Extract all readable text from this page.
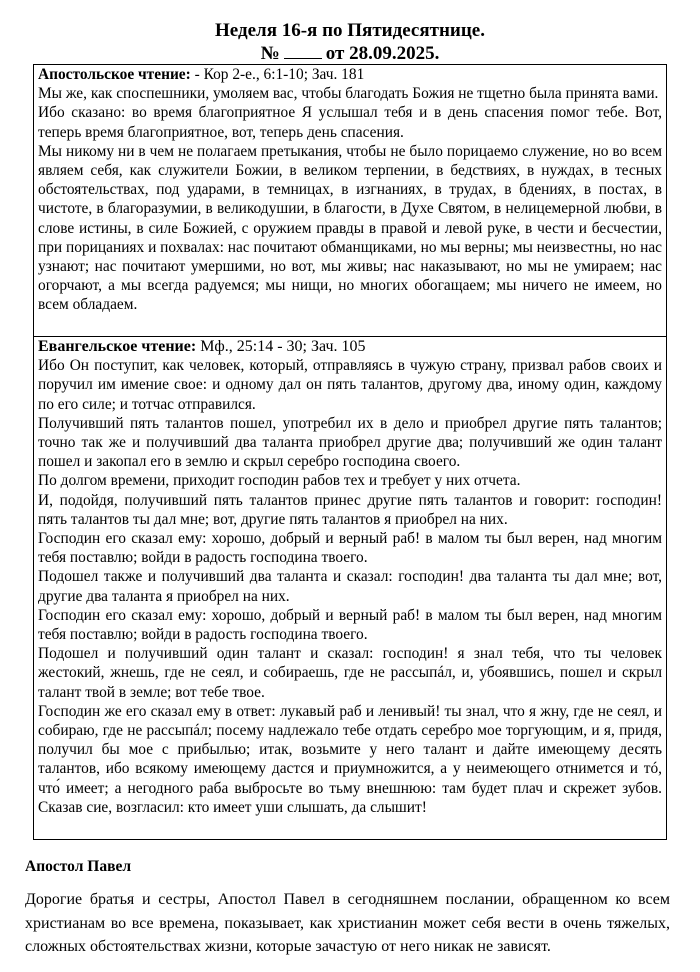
Неделя 16-я по Пятидесятнице.
№ от 28.09.2025.

Апостольское чтение: - Кор 2-е., 6:1-10; Зач. 181

Мы же, как споспешники, умоляем вас, чтобы благодать Божия не тщетно была принята вами.

Ибо сказано: во время благоприятное Я услышал тебя и в день спасения помог тебе. Вот, теперь время благоприятное, вот, теперь день спасения.

Мы никому ни в чем не полагаем претыкания, чтобы не было порицаемо служение, но во всем являем себя, как служители Божии, в великом терпении, в бедствиях, в нуждах, в тесных обстоятельствах, под ударами, в темницах, в изгнаниях, в трудах, в бдениях, в постах, в чистоте, в благоразумии, в великодушии, в благости, в Духе Святом, в нелицемерной любви, в слове истины, в силе Божией, с оружием правды в правой и левой руке, в чести и бесчестии, при порицаниях и похвалах: нас почитают обманщиками, но мы верны; мы неизвестны, но нас узнают; нас почитают умершими, но вот, мы живы; нас наказывают, но мы не умираем; нас огорчают, а мы всегда радуемся; мы нищи, но многих обогащаем; мы ничего не имеем, но всем обладаем.

Евангельское чтение: Мф., 25:14 - 30; Зач. 105

Ибо Он поступит, как человек, который, отправляясь в чужую страну, призвал рабов своих и поручил им имение свое: и одному дал он пять талантов, другому два, иному один, каждому по его силе; и тотчас отправился.

Получивший пять талантов пошел, употребил их в дело и приобрел другие пять талантов; точно так же и получивший два таланта приобрел другие два; получивший же один талант пошел и закопал его в землю и скрыл серебро господина своего.

По долгом времени, приходит господин рабов тех и требует у них отчета.

И, подойдя, получивший пять талантов принес другие пять талантов и говорит: господин! пять талантов ты дал мне; вот, другие пять талантов я приобрел на них.

Господин его сказал ему: хорошо, добрый и верный раб! в малом ты был верен, над многим тебя поставлю; войди в радость господина твоего.

Подошел также и получивший два таланта и сказал: господин! два таланта ты дал мне; вот, другие два таланта я приобрел на них.

Господин его сказал ему: хорошо, добрый и верный раб! в малом ты был верен, над многим тебя поставлю; войди в радость господина твоего.

Подошел и получивший один талант и сказал: господин! я знал тебя, что ты человек жестокий, жнешь, где не сеял, и собираешь, где не рассыпáл, и, убоявшись, пошел и скрыл талант твой в земле; вот тебе твое.

Господин же его сказал ему в ответ: лукавый раб и ленивый! ты знал, что я жну, где не сеял, и собираю, где не рассыпáл; посему надлежало тебе отдать серебро мое торгующим, и я, придя, получил бы мое с прибылью; итак, возьмите у него талант и дайте имеющему десять талантов, ибо всякому имеющему дастся и приумножится, а у неимеющего отнимется и тó, что́ имеет; а негодного раба выбросьте во тьму внешнюю: там будет плач и скрежет зубов. Сказав сие, возгласил: кто имеет уши слышать, да слышит!

Апостол Павел

Дорогие братья и сестры, Апостол Павел в сегодняшнем послании, обращенном ко всем христианам во все времена, показывает, как христианин может себя вести в очень тяжелых, сложных обстоятельствах жизни, которые зачастую от него никак не зависят.
